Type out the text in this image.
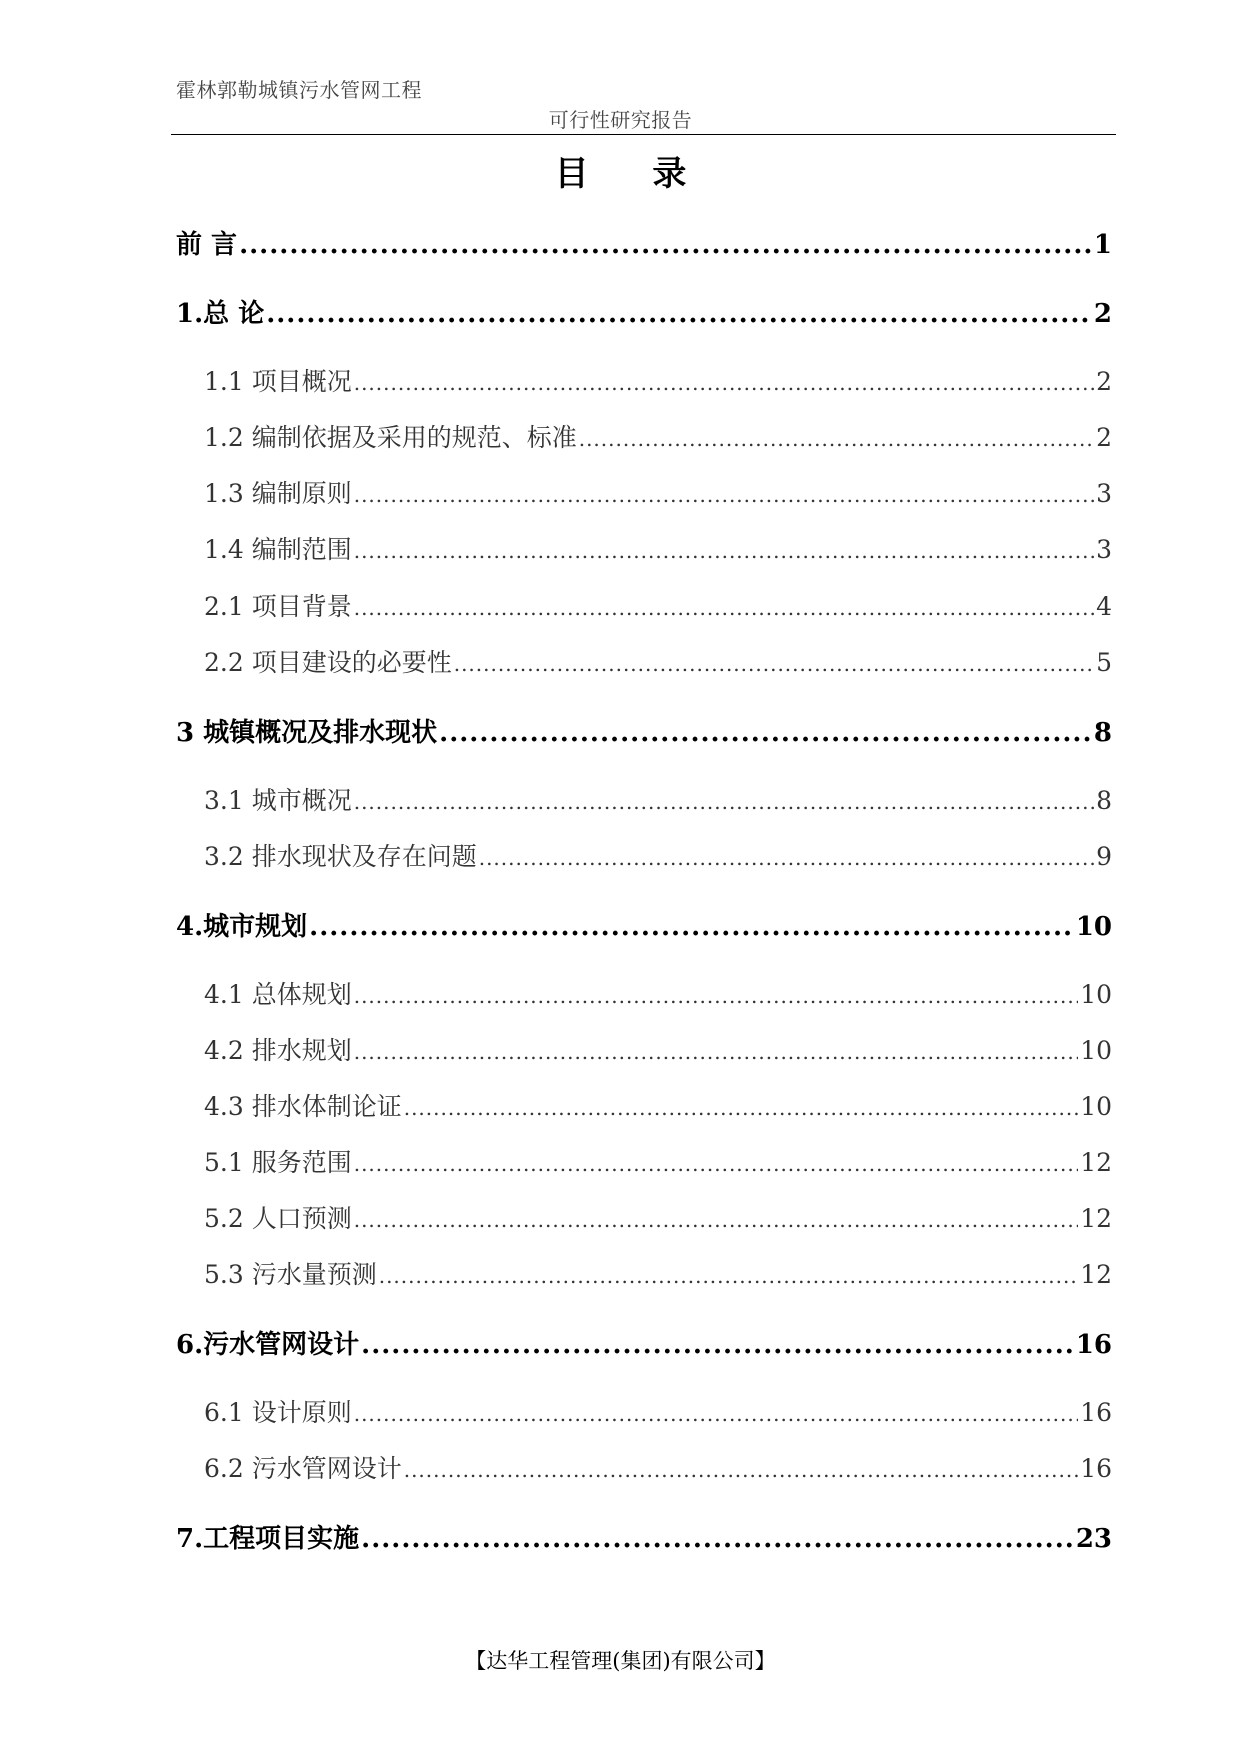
霍林郭勒城镇污水管网工程
可行性研究报告
目 录
前 言 .....	1
1.总 论 .....	2
1.1 项目概况 .....	2
1.2 编制依据及采用的规范、标准 .....	2
1.3 编制原则 .....	3
1.4 编制范围 .....	3
2.1 项目背景 .....	4
2.2 项目建设的必要性 .....	5
3 城镇概况及排水现状 .....	8
3.1 城市概况 .....	8
3.2 排水现状及存在问题 .....	9
4.城市规划 .....	10
4.1 总体规划 .....	10
4.2 排水规划 .....	10
4.3 排水体制论证 .....	10
5.1 服务范围 .....	12
5.2 人口预测 .....	12
5.3 污水量预测 .....	12
6.污水管网设计 .....	16
6.1 设计原则 .....	16
6.2 污水管网设计 .....	16
7.工程项目实施 .....	23
【达华工程管理(集团)有限公司】
